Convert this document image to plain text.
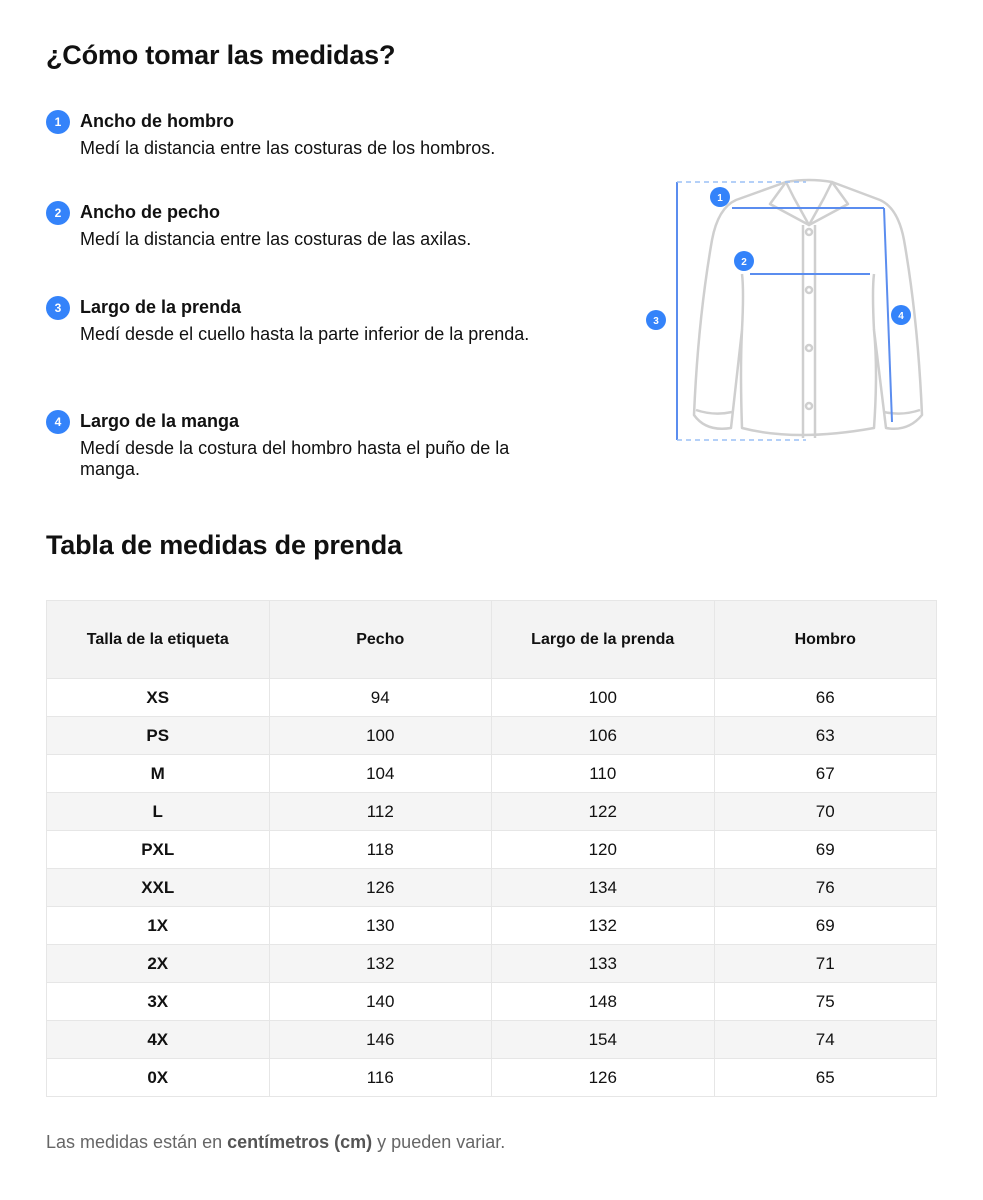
¿Cómo tomar las medidas?
1	Ancho de hombro
Medí la distancia entre las costuras de los hombros.
2	Ancho de pecho
Medí la distancia entre las costuras de las axilas.
3	Largo de la prenda
Medí desde el cuello hasta la parte inferior de la prenda.
4	Largo de la manga
Medí desde la costura del hombro hasta el puño de la manga.
1
2
3	4
Tabla de medidas de prenda
Talla de la etiqueta	Pecho	Largo de la prenda	Hombro
XS	94	100	66
PS	100	106	63
M	104	110	67
L	112	122	70
PXL	118	120	69
XXL	126	134	76
1X	130	132	69
2X	132	133	71
3X	140	148	75
4X	146	154	74
0X	116	126	65
Las medidas están en centímetros (cm) y pueden variar.
